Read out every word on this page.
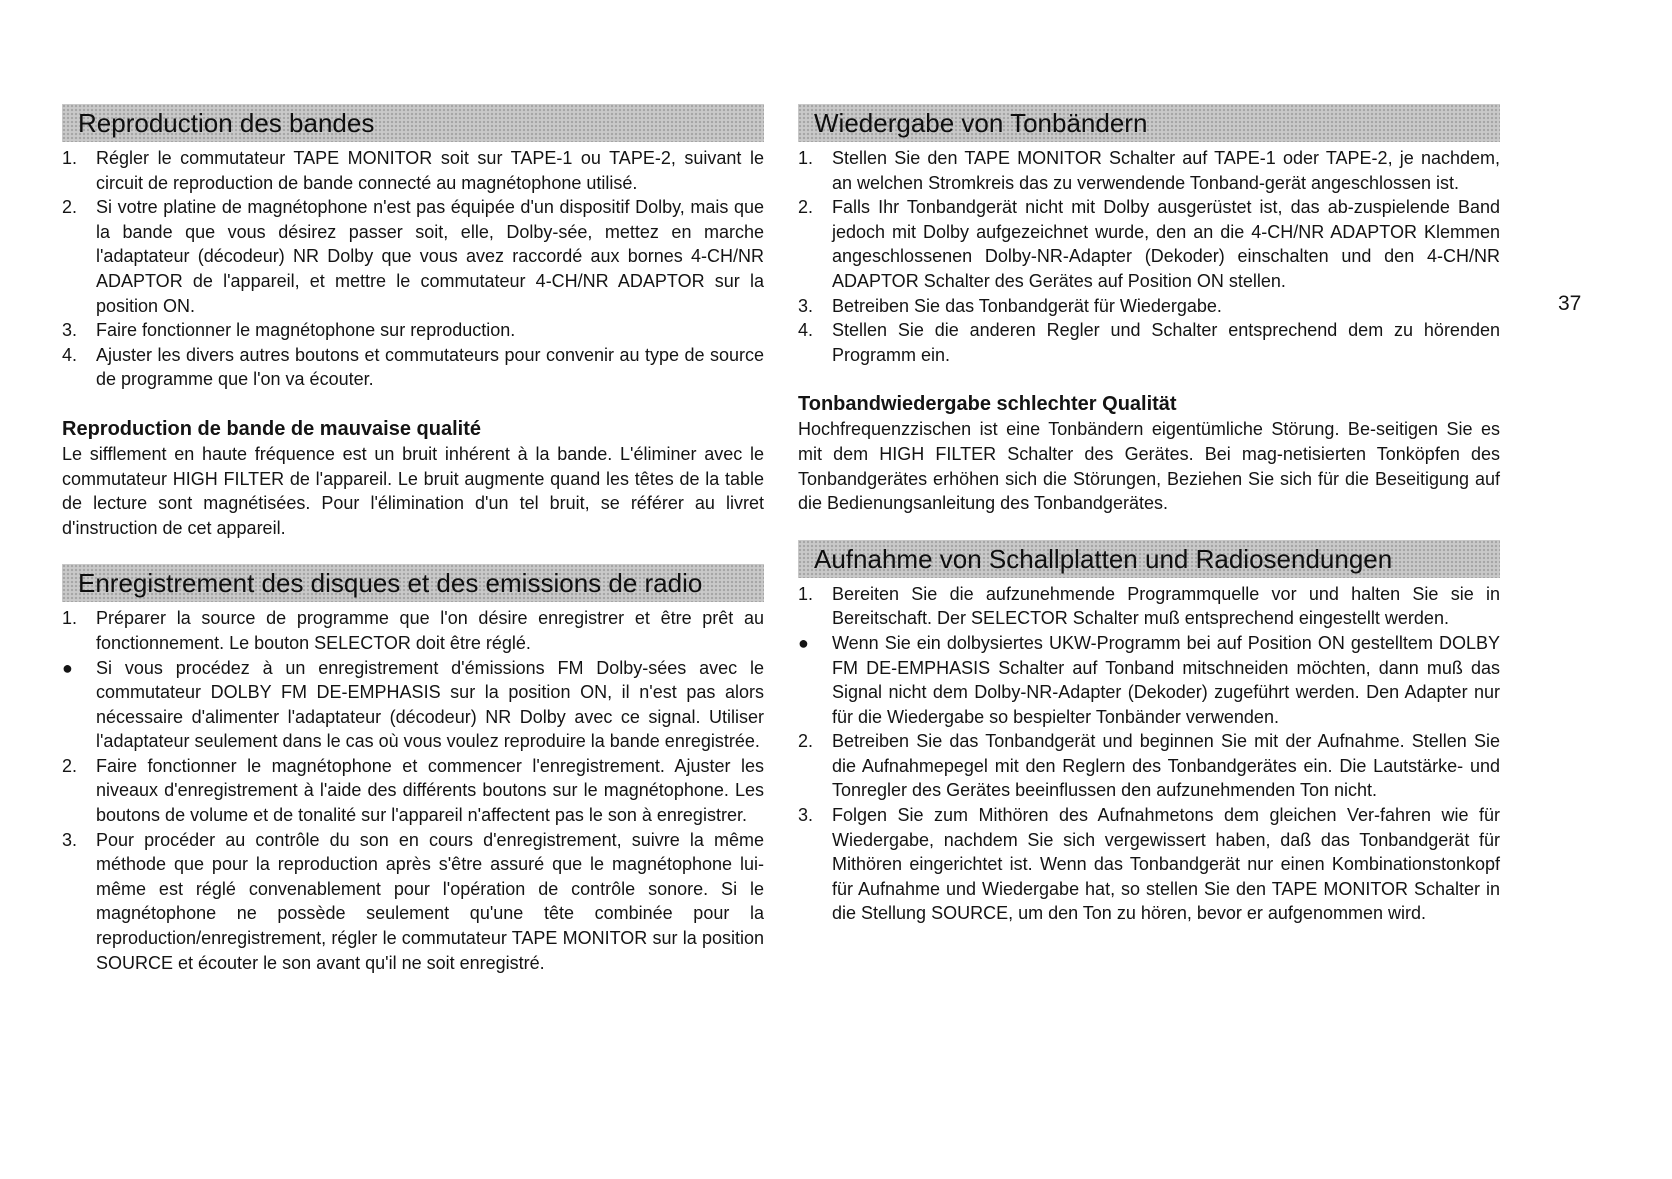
Reproduction des bandes
1.	Régler le commutateur TAPE MONITOR soit sur TAPE-1 ou TAPE-2, suivant le circuit de reproduction de bande connecté au magnétophone utilisé.
2.	Si votre platine de magnétophone n'est pas équipée d'un dispositif Dolby, mais que la bande que vous désirez passer soit, elle, Dolby-sée, mettez en marche l'adaptateur (décodeur) NR Dolby que vous avez raccordé aux bornes 4-CH/NR ADAPTOR de l'appareil, et mettre le commutateur 4-CH/NR ADAPTOR sur la position ON.
3.	Faire fonctionner le magnétophone sur reproduction.
4.	Ajuster les divers autres boutons et commutateurs pour convenir au type de source de programme que l'on va écouter.
Reproduction de bande de mauvaise qualité

Le sifflement en haute fréquence est un bruit inhérent à la bande. L'éliminer avec le commutateur HIGH FILTER de l'appareil. Le bruit augmente quand les têtes de la table de lecture sont magnétisées. Pour l'élimination d'un tel bruit, se référer au livret d'instruction de cet appareil.

Enregistrement des disques et des emissions de radio
1.	Préparer la source de programme que l'on désire enregistrer et être prêt au fonctionnement. Le bouton SELECTOR doit être réglé.
●	Si vous procédez à un enregistrement d'émissions FM Dolby-sées avec le commutateur DOLBY FM DE-EMPHASIS sur la position ON, il n'est pas alors nécessaire d'alimenter l'adaptateur (décodeur) NR Dolby avec ce signal. Utiliser l'adaptateur seulement dans le cas où vous voulez reproduire la bande enregistrée.
2.	Faire fonctionner le magnétophone et commencer l'enregistrement. Ajuster les niveaux d'enregistrement à l'aide des différents boutons sur le magnétophone. Les boutons de volume et de tonalité sur l'appareil n'affectent pas le son à enregistrer.
3.	Pour procéder au contrôle du son en cours d'enregistrement, suivre la même méthode que pour la reproduction après s'être assuré que le magnétophone lui-même est réglé convenablement pour l'opération de contrôle sonore. Si le magnétophone ne possède seulement qu'une tête combinée pour la reproduction/enregistrement, régler le commutateur TAPE MONITOR sur la position SOURCE et écouter le son avant qu'il ne soit enregistré.
Wiedergabe von Tonbändern
1.	Stellen Sie den TAPE MONITOR Schalter auf TAPE-1 oder TAPE-2, je nachdem, an welchen Stromkreis das zu verwendende Tonband-gerät angeschlossen ist.
2.	Falls Ihr Tonbandgerät nicht mit Dolby ausgerüstet ist, das ab-zuspielende Band jedoch mit Dolby aufgezeichnet wurde, den an die 4-CH/NR ADAPTOR Klemmen angeschlossenen Dolby-NR-Adapter (Dekoder) einschalten und den 4-CH/NR ADAPTOR Schalter des Gerätes auf Position ON stellen.
3.	Betreiben Sie das Tonbandgerät für Wiedergabe.
4.	Stellen Sie die anderen Regler und Schalter entsprechend dem zu hörenden Programm ein.
Tonbandwiedergabe schlechter Qualität

Hochfrequenzzischen ist eine Tonbändern eigentümliche Störung. Be-seitigen Sie es mit dem HIGH FILTER Schalter des Gerätes. Bei mag-netisierten Tonköpfen des Tonbandgerätes erhöhen sich die Störungen, Beziehen Sie sich für die Beseitigung auf die Bedienungsanleitung des Tonbandgerätes.

Aufnahme von Schallplatten und Radiosendungen
1.	Bereiten Sie die aufzunehmende Programmquelle vor und halten Sie sie in Bereitschaft. Der SELECTOR Schalter muß entsprechend eingestellt werden.
●	Wenn Sie ein dolbysiertes UKW-Programm bei auf Position ON gestelltem DOLBY FM DE-EMPHASIS Schalter auf Tonband mitschneiden möchten, dann muß das Signal nicht dem Dolby-NR-Adapter (Dekoder) zugeführt werden. Den Adapter nur für die Wiedergabe so bespielter Tonbänder verwenden.
2.	Betreiben Sie das Tonbandgerät und beginnen Sie mit der Aufnahme. Stellen Sie die Aufnahmepegel mit den Reglern des Tonbandgerätes ein. Die Lautstärke- und Tonregler des Gerätes beeinflussen den aufzunehmenden Ton nicht.
3.	Folgen Sie zum Mithören des Aufnahmetons dem gleichen Ver-fahren wie für Wiedergabe, nachdem Sie sich vergewissert haben, daß das Tonbandgerät für Mithören eingerichtet ist. Wenn das Tonbandgerät nur einen Kombinationstonkopf für Aufnahme und Wiedergabe hat, so stellen Sie den TAPE MONITOR Schalter in die Stellung SOURCE, um den Ton zu hören, bevor er aufgenommen wird.
37
